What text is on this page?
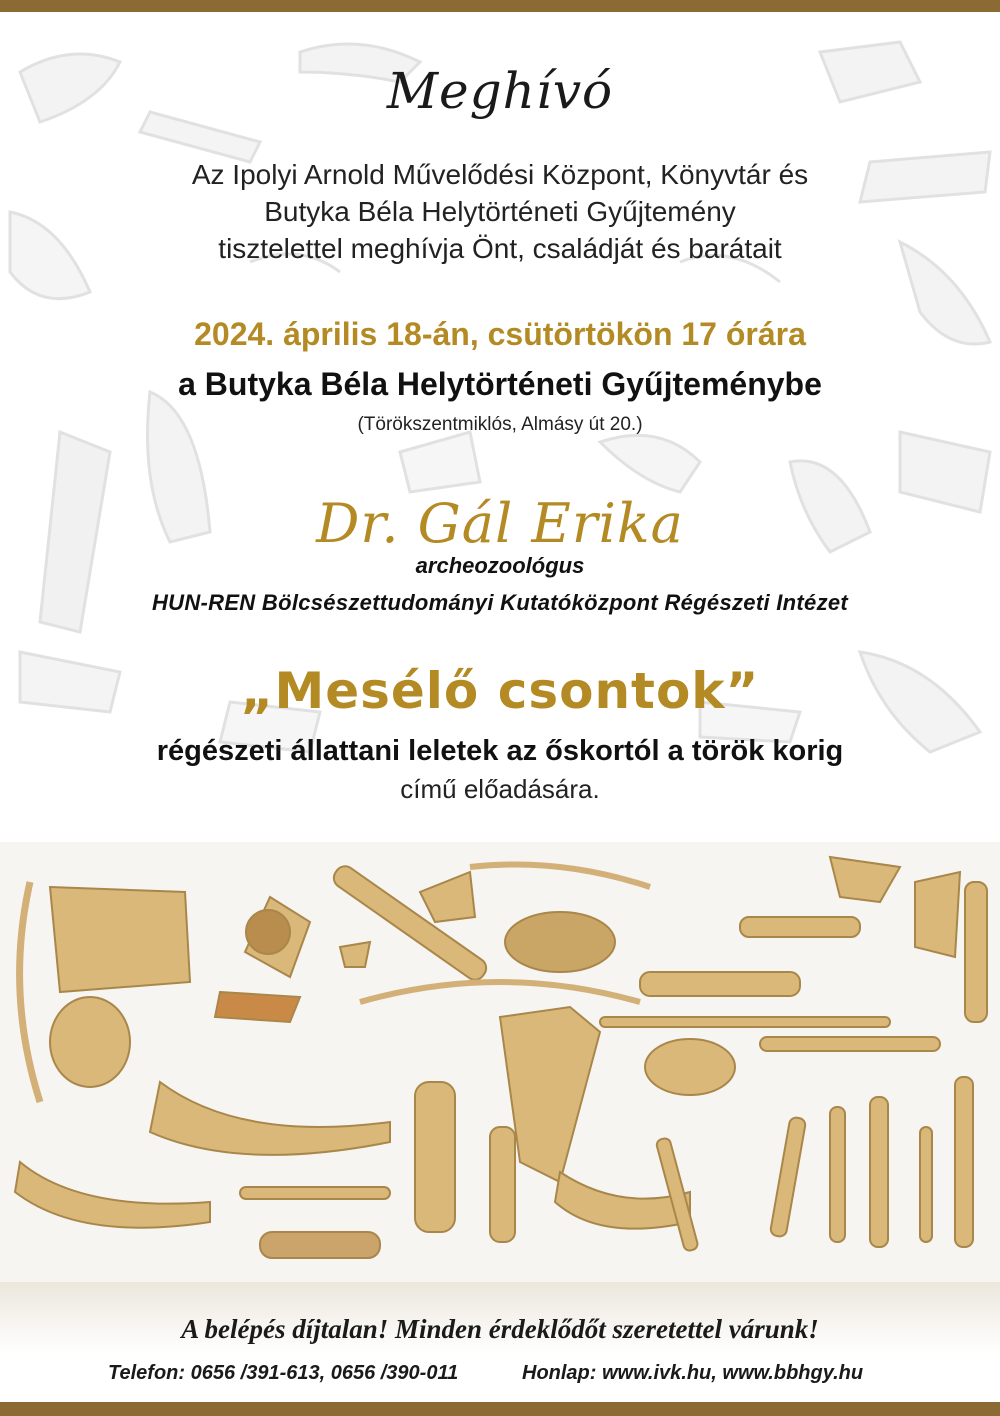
Meghívó
Az Ipolyi Arnold Művelődési Központ, Könyvtár és
Butyka Béla Helytörténeti Gyűjtemény
tisztelettel meghívja Önt, családját és barátait
2024. április 18-án, csütörtökön 17 órára
a Butyka Béla Helytörténeti Gyűjteménybe
(Törökszentmiklós, Almásy út 20.)
Dr. Gál Erika
archeozoológus
HUN-REN Bölcsészettudományi Kutatóközpont Régészeti Intézet
„Mesélő csontok”
régészeti állattani leletek az őskortól a török korig
című előadására.
A belépés díjtalan! Minden érdeklődőt szeretettel várunk!
Telefon: 0656 /391-613, 0656 /390-011	Honlap: www.ivk.hu, www.bbhgy.hu
